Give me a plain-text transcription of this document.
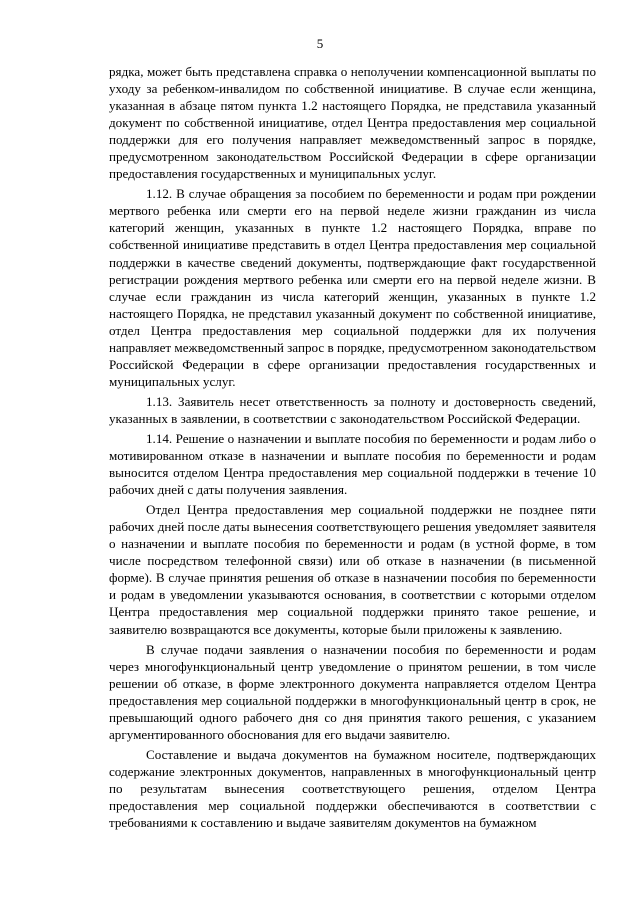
5

рядка, может быть представлена справка о неполучении компенсационной выплаты по уходу за ребенком-инвалидом по собственной инициативе. В случае если женщина, указанная в абзаце пятом пункта 1.2 настоящего Порядка, не представила указанный документ по собственной инициативе, отдел Центра предоставления мер социальной поддержки для его получения направляет межведомственный запрос в порядке, предусмотренном законодательством Российской Федерации в сфере организации предоставления государственных и муниципальных услуг.

1.12. В случае обращения за пособием по беременности и родам при рождении мертвого ребенка или смерти его на первой неделе жизни гражданин из числа категорий женщин, указанных в пункте 1.2 настоящего Порядка, вправе по собственной инициативе представить в отдел Центра предоставления мер социальной поддержки в качестве сведений документы, подтверждающие факт государственной регистрации рождения мертвого ребенка или смерти его на первой неделе жизни. В случае если гражданин из числа категорий женщин, указанных в пункте 1.2 настоящего Порядка, не представил указанный документ по собственной инициативе, отдел Центра предоставления мер социальной поддержки для их получения направляет межведомственный запрос в порядке, предусмотренном законодательством Российской Федерации в сфере организации предоставления государственных и муниципальных услуг.

1.13. Заявитель несет ответственность за полноту и достоверность сведений, указанных в заявлении, в соответствии с законодательством Российской Федерации.

1.14. Решение о назначении и выплате пособия по беременности и родам либо о мотивированном отказе в назначении и выплате пособия по беременности и родам выносится отделом Центра предоставления мер социальной поддержки в течение 10 рабочих дней с даты получения заявления.

Отдел Центра предоставления мер социальной поддержки не позднее пяти рабочих дней после даты вынесения соответствующего решения уведомляет заявителя о назначении и выплате пособия по беременности и родам (в устной форме, в том числе посредством телефонной связи) или об отказе в назначении (в письменной форме). В случае принятия решения об отказе в назначении пособия по беременности и родам в уведомлении указываются основания, в соответствии с которыми отделом Центра предоставления мер социальной поддержки принято такое решение, и заявителю возвращаются все документы, которые были приложены к заявлению.

В случае подачи заявления о назначении пособия по беременности и родам через многофункциональный центр уведомление о принятом решении, в том числе решении об отказе, в форме электронного документа направляется отделом Центра предоставления мер социальной поддержки в многофункциональный центр в срок, не превышающий одного рабочего дня со дня принятия такого решения, с указанием аргументированного обоснования для его выдачи заявителю.

Составление и выдача документов на бумажном носителе, подтверждающих содержание электронных документов, направленных в многофункциональный центр по результатам вынесения соответствующего решения, отделом Центра предоставления мер социальной поддержки обеспечиваются в соответствии с требованиями к составлению и выдаче заявителям документов на бумажном
